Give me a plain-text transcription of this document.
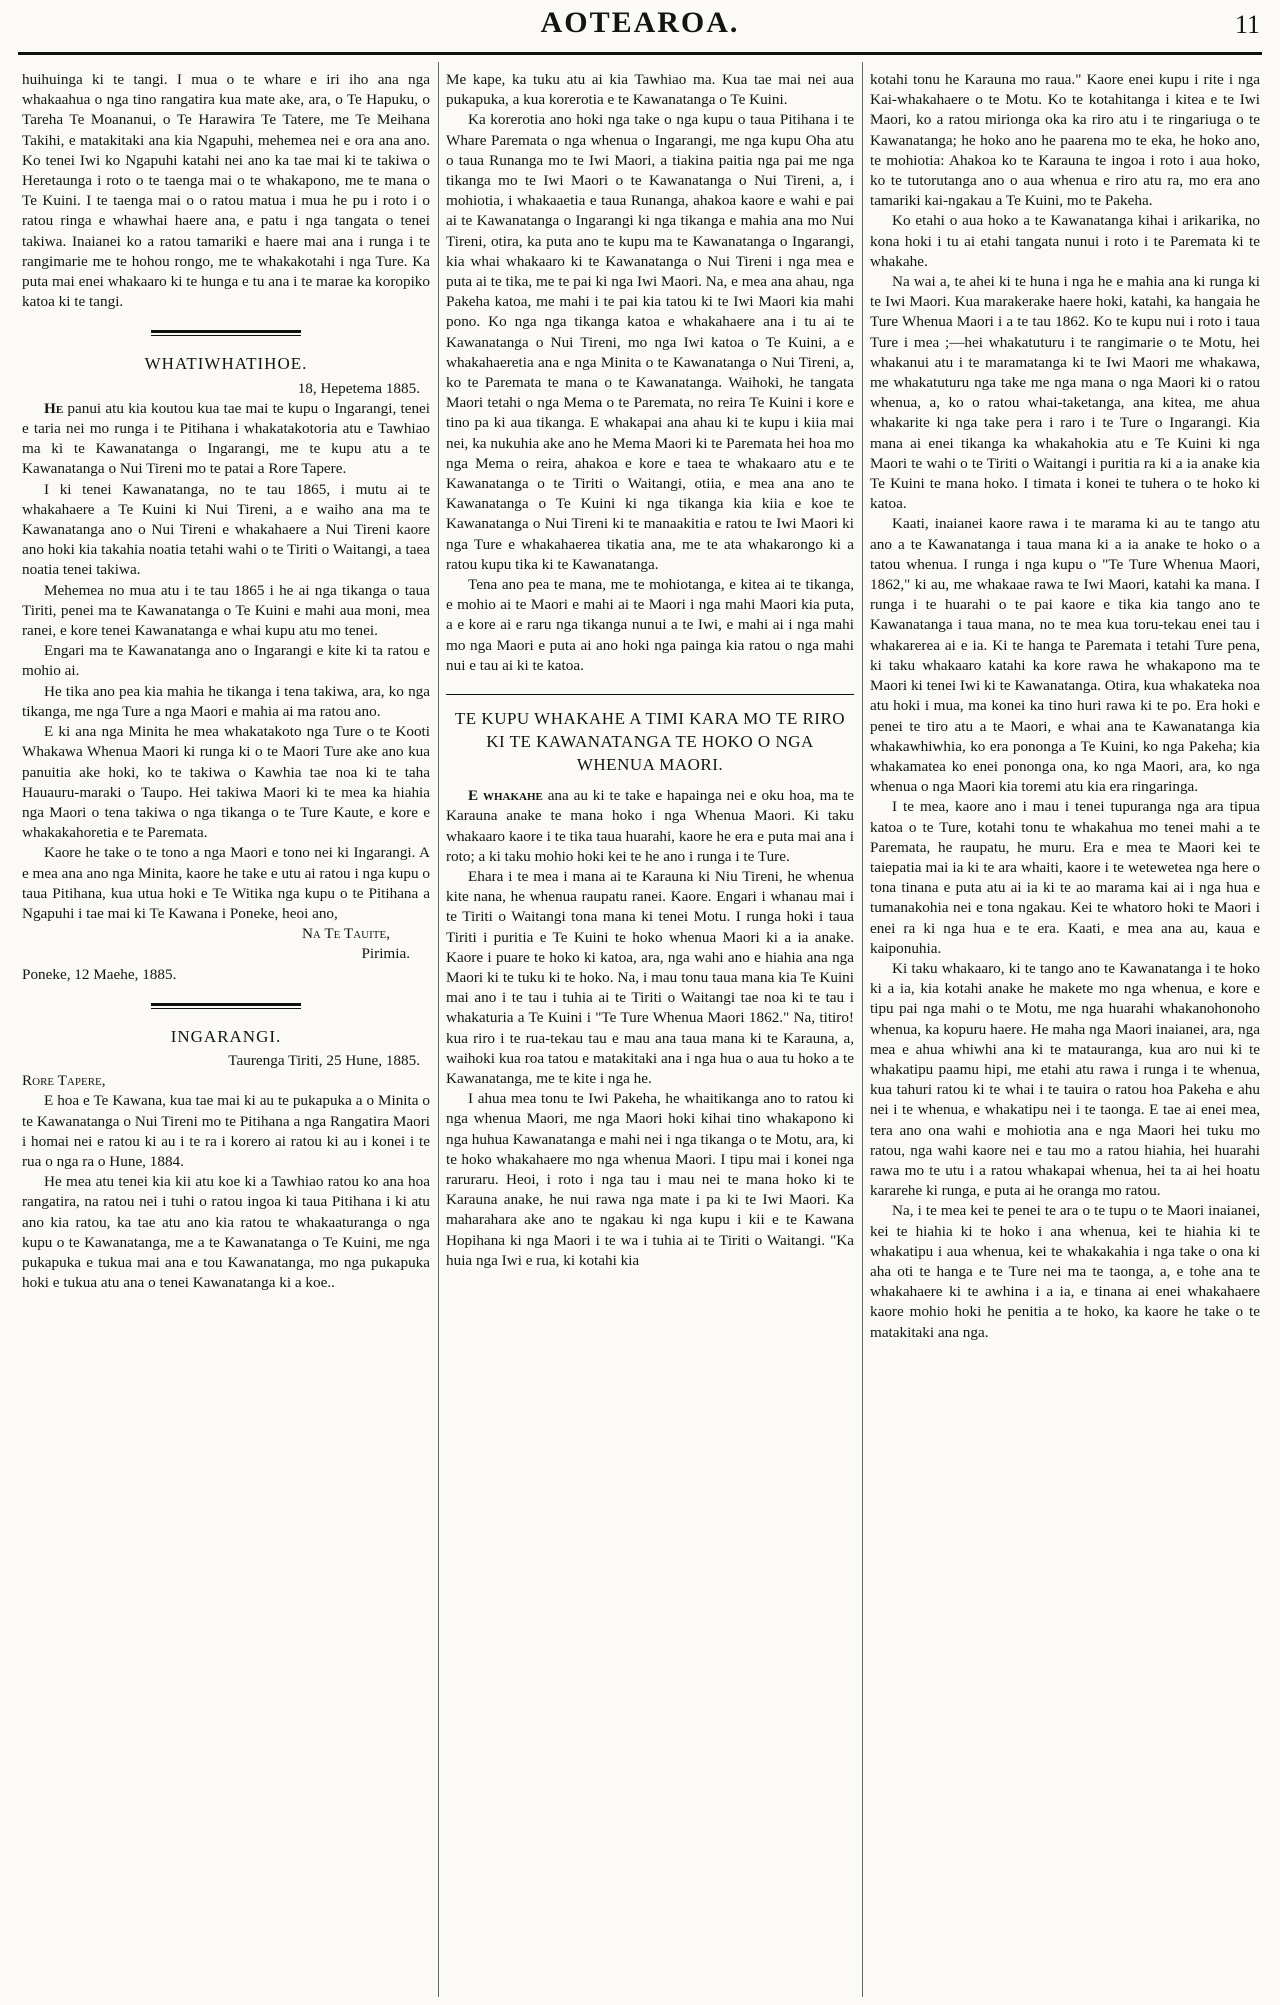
AOTEAROA.	11

huihuinga ki te tangi. I mua o te whare e iri iho ana nga whakaahua o nga tino rangatira kua mate ake, ara, o Te Hapuku, o Tareha Te Moananui, o Te Harawira Te Tatere, me Te Meihana Takihi, e matakitaki ana kia Ngapuhi, mehemea nei e ora ana ano. Ko tenei Iwi ko Ngapuhi katahi nei ano ka tae mai ki te takiwa o Heretaunga i roto o te taenga mai o te whakapono, me te mana o Te Kuini. I te taenga mai o o ratou matua i mua he pu i roto i o ratou ringa e whawhai haere ana, e patu i nga tangata o tenei takiwa. Inaianei ko a ratou tamariki e haere mai ana i runga i te rangimarie me te hohou rongo, me te whakakotahi i nga Ture. Ka puta mai enei whakaaro ki te hunga e tu ana i te marae ka koropiko katoa ki te tangi.

WHATIWHATIHOE.
18, Hepetema 1885.

He panui atu kia koutou kua tae mai te kupu o Ingarangi, tenei e taria nei mo runga i te Pitihana i whakatakotoria atu e Tawhiao ma ki te Kawanatanga o Ingarangi, me te kupu atu a te Kawanatanga o Nui Tireni mo te patai a Rore Tapere.

I ki tenei Kawanatanga, no te tau 1865, i mutu ai te whakahaere a Te Kuini ki Nui Tireni, a e waiho ana ma te Kawanatanga ano o Nui Tireni e whakahaere a Nui Tireni kaore ano hoki kia takahia noatia tetahi wahi o te Tiriti o Waitangi, a taea noatia tenei takiwa.

Mehemea no mua atu i te tau 1865 i he ai nga tikanga o taua Tiriti, penei ma te Kawanatanga o Te Kuini e mahi aua moni, mea ranei, e kore tenei Kawanatanga e whai kupu atu mo tenei.

Engari ma te Kawanatanga ano o Ingarangi e kite ki ta ratou e mohio ai.

He tika ano pea kia mahia he tikanga i tena takiwa, ara, ko nga tikanga, me nga Ture a nga Maori e mahia ai ma ratou ano.

E ki ana nga Minita he mea whakatakoto nga Ture o te Kooti Whakawa Whenua Maori ki runga ki o te Maori Ture ake ano kua panuitia ake hoki, ko te takiwa o Kawhia tae noa ki te taha Hauauru-maraki o Taupo. Hei takiwa Maori ki te mea ka hiahia nga Maori o tena takiwa o nga tikanga o te Ture Kaute, e kore e whakakahoretia e te Paremata.

Kaore he take o te tono a nga Maori e tono nei ki Ingarangi. A e mea ana ano nga Minita, kaore he take e utu ai ratou i nga kupu o taua Pitihana, kua utua hoki e Te Witika nga kupu o te Pitihana a Ngapuhi i tae mai ki Te Kawana i Poneke, heoi ano,

Na Te Tauite,
Pirimia.

Poneke, 12 Maehe, 1885.

INGARANGI.
Taurenga Tiriti, 25 Hune, 1885.

Rore Tapere,

E hoa e Te Kawana, kua tae mai ki au te pukapuka a o Minita o te Kawanatanga o Nui Tireni mo te Pitihana a nga Rangatira Maori i homai nei e ratou ki au i te ra i korero ai ratou ki au i konei i te rua o nga ra o Hune, 1884.

He mea atu tenei kia kii atu koe ki a Tawhiao ratou ko ana hoa rangatira, na ratou nei i tuhi o ratou ingoa ki taua Pitihana i ki atu ano kia ratou, ka tae atu ano kia ratou te whakaaturanga o nga kupu o te Kawanatanga, me a te Kawanatanga o Te Kuini, me nga pukapuka e tukua mai ana e tou Kawanatanga, mo nga pukapuka hoki e tukua atu ana o tenei Kawanatanga ki a koe..

Me kape, ka tuku atu ai kia Tawhiao ma. Kua tae mai nei aua pukapuka, a kua korerotia e te Kawanatanga o Te Kuini.

Ka korerotia ano hoki nga take o nga kupu o taua Pitihana i te Whare Paremata o nga whenua o Ingarangi, me nga kupu Oha atu o taua Runanga mo te Iwi Maori, a tiakina paitia nga pai me nga tikanga mo te Iwi Maori o te Kawanatanga o Nui Tireni, a, i mohiotia, i whakaaetia e taua Runanga, ahakoa kaore e wahi e pai ai te Kawanatanga o Ingarangi ki nga tikanga e mahia ana mo Nui Tireni, otira, ka puta ano te kupu ma te Kawanatanga o Ingarangi, kia whai whakaaro ki te Kawanatanga o Nui Tireni i nga mea e puta ai te tika, me te pai ki nga Iwi Maori. Na, e mea ana ahau, nga Pakeha katoa, me mahi i te pai kia tatou ki te Iwi Maori kia mahi pono. Ko nga nga tikanga katoa e whakahaere ana i tu ai te Kawanatanga o Nui Tireni, mo nga Iwi katoa o Te Kuini, a e whakahaeretia ana e nga Minita o te Kawanatanga o Nui Tireni, a, ko te Paremata te mana o te Kawanatanga. Waihoki, he tangata Maori tetahi o nga Mema o te Paremata, no reira Te Kuini i kore e tino pa ki aua tikanga. E whakapai ana ahau ki te kupu i kiia mai nei, ka nukuhia ake ano he Mema Maori ki te Paremata hei hoa mo nga Mema o reira, ahakoa e kore e taea te whakaaro atu e te Kawanatanga o te Tiriti o Waitangi, otiia, e mea ana ano te Kawanatanga o Te Kuini ki nga tikanga kia kiia e koe te Kawanatanga o Nui Tireni ki te manaakitia e ratou te Iwi Maori ki nga Ture e whakahaerea tikatia ana, me te ata whakarongo ki a ratou kupu tika ki te Kawanatanga.

Tena ano pea te mana, me te mohiotanga, e kitea ai te tikanga, e mohio ai te Maori e mahi ai te Maori i nga mahi Maori kia puta, a e kore ai e raru nga tikanga nunui a te Iwi, e mahi ai i nga mahi mo nga Maori e puta ai ano hoki nga painga kia ratou o nga mahi nui e tau ai ki te katoa.

TE KUPU WHAKAHE A TIMI KARA MO TE RIRO KI TE KAWANATANGA TE HOKO O NGA WHENUA MAORI.

E whakahe ana au ki te take e hapainga nei e oku hoa, ma te Karauna anake te mana hoko i nga Whenua Maori. Ki taku whakaaro kaore i te tika taua huarahi, kaore he era e puta mai ana i roto; a ki taku mohio hoki kei te he ano i runga i te Ture.

Ehara i te mea i mana ai te Karauna ki Niu Tireni, he whenua kite nana, he whenua raupatu ranei. Kaore. Engari i whanau mai i te Tiriti o Waitangi tona mana ki tenei Motu. I runga hoki i taua Tiriti i puritia e Te Kuini te hoko whenua Maori ki a ia anake. Kaore i puare te hoko ki katoa, ara, nga wahi ano e hiahia ana nga Maori ki te tuku ki te hoko. Na, i mau tonu taua mana kia Te Kuini mai ano i te tau i tuhia ai te Tiriti o Waitangi tae noa ki te tau i whakaturia a Te Kuini i "Te Ture Whenua Maori 1862." Na, titiro! kua riro i te rua-tekau tau e mau ana taua mana ki te Karauna, a, waihoki kua roa tatou e matakitaki ana i nga hua o aua tu hoko a te Kawanatanga, me te kite i nga he.

I ahua mea tonu te Iwi Pakeha, he whaitikanga ano to ratou ki nga whenua Maori, me nga Maori hoki kihai tino whakapono ki nga huhua Kawanatanga e mahi nei i nga tikanga o te Motu, ara, ki te hoko whakahaere mo nga whenua Maori. I tipu mai i konei nga raruraru. Heoi, i roto i nga tau i mau nei te mana hoko ki te Karauna anake, he nui rawa nga mate i pa ki te Iwi Maori. Ka maharahara ake ano te ngakau ki nga kupu i kii e te Kawana Hopihana ki nga Maori i te wa i tuhia ai te Tiriti o Waitangi. "Ka huia nga Iwi e rua, ki kotahi kia

kotahi tonu he Karauna mo raua." Kaore enei kupu i rite i nga Kai-whakahaere o te Motu. Ko te kotahitanga i kitea e te Iwi Maori, ko a ratou mirionga oka ka riro atu i te ringariuga o te Kawanatanga; he hoko ano he paarena mo te eka, he hoko ano, te mohiotia: Ahakoa ko te Karauna te ingoa i roto i aua hoko, ko te tutorutanga ano o aua whenua e riro atu ra, mo era ano tamariki kai-ngakau a Te Kuini, mo te Pakeha.

Ko etahi o aua hoko a te Kawanatanga kihai i arikarika, no kona hoki i tu ai etahi tangata nunui i roto i te Paremata ki te whakahe.

Na wai a, te ahei ki te huna i nga he e mahia ana ki runga ki te Iwi Maori. Kua marakerake haere hoki, katahi, ka hangaia he Ture Whenua Maori i a te tau 1862. Ko te kupu nui i roto i taua Ture i mea ;—hei whakatuturu i te rangimarie o te Motu, hei whakanui atu i te maramatanga ki te Iwi Maori me whakawa, me whakatuturu nga take me nga mana o nga Maori ki o ratou whenua, a, ko o ratou whai-taketanga, ana kitea, me ahua whakarite ki nga take pera i raro i te Ture o Ingarangi. Kia mana ai enei tikanga ka whakahokia atu e Te Kuini ki nga Maori te wahi o te Tiriti o Waitangi i puritia ra ki a ia anake kia Te Kuini te mana hoko. I timata i konei te tuhera o te hoko ki katoa.

Kaati, inaianei kaore rawa i te marama ki au te tango atu ano a te Kawanatanga i taua mana ki a ia anake te hoko o a tatou whenua. I runga i nga kupu o "Te Ture Whenua Maori, 1862," ki au, me whakaae rawa te Iwi Maori, katahi ka mana. I runga i te huarahi o te pai kaore e tika kia tango ano te Kawanatanga i taua mana, no te mea kua toru-tekau enei tau i whakarerea ai e ia. Ki te hanga te Paremata i tetahi Ture pena, ki taku whakaaro katahi ka kore rawa he whakapono ma te Maori ki tenei Iwi ki te Kawanatanga. Otira, kua whakateka noa atu hoki i mua, ma konei ka tino huri rawa ki te po. Era hoki e penei te tiro atu a te Maori, e whai ana te Kawanatanga kia whakawhiwhia, ko era pononga a Te Kuini, ko nga Pakeha; kia whakamatea ko enei pononga ona, ko nga Maori, ara, ko nga whenua o nga Maori kia toremi atu kia era ringaringa.

I te mea, kaore ano i mau i tenei tupuranga nga ara tipua katoa o te Ture, kotahi tonu te whakahua mo tenei mahi a te Paremata, he raupatu, he muru. Era e mea te Maori kei te taiepatia mai ia ki te ara whaiti, kaore i te wetewetea nga here o tona tinana e puta atu ai ia ki te ao marama kai ai i nga hua e tumanakohia nei e tona ngakau. Kei te whatoro hoki te Maori i enei ra ki nga hua e te era. Kaati, e mea ana au, kaua e kaiponuhia.

Ki taku whakaaro, ki te tango ano te Kawanatanga i te hoko ki a ia, kia kotahi anake he makete mo nga whenua, e kore e tipu pai nga mahi o te Motu, me nga huarahi whakanohonoho whenua, ka kopuru haere. He maha nga Maori inaianei, ara, nga mea e ahua whiwhi ana ki te matauranga, kua aro nui ki te whakatipu paamu hipi, me etahi atu rawa i runga i te whenua, kua tahuri ratou ki te whai i te tauira o ratou hoa Pakeha e ahu nei i te whenua, e whakatipu nei i te taonga. E tae ai enei mea, tera ano ona wahi e mohiotia ana e nga Maori hei tuku mo ratou, nga wahi kaore nei e tau mo a ratou hiahia, hei huarahi rawa mo te utu i a ratou whakapai whenua, hei ta ai hei hoatu kararehe ki runga, e puta ai he oranga mo ratou.

Na, i te mea kei te penei te ara o te tupu o te Maori inaianei, kei te hiahia ki te hoko i ana whenua, kei te hiahia ki te whakatipu i aua whenua, kei te whakakahia i nga take o ona ki aha oti te hanga e te Ture nei ma te taonga, a, e tohe ana te whakahaere ki te awhina i a ia, e tinana ai enei whakahaere kaore mohio hoki he penitia a te hoko, ka kaore he take o te matakitaki ana nga.
